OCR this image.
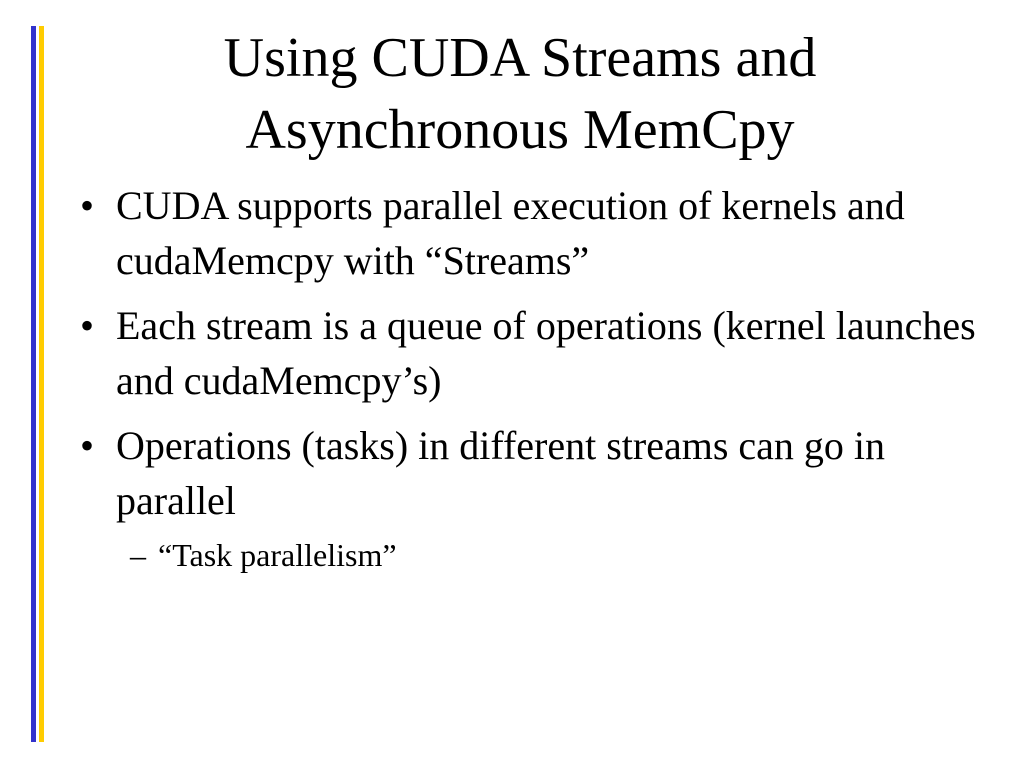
Using CUDA Streams and
Asynchronous MemCpy
• CUDA supports parallel execution of kernels and cudaMemcpy with “Streams”
• Each stream is a queue of operations (kernel launches and cudaMemcpy’s)
• Operations (tasks) in different streams can go in parallel
– “Task parallelism”
